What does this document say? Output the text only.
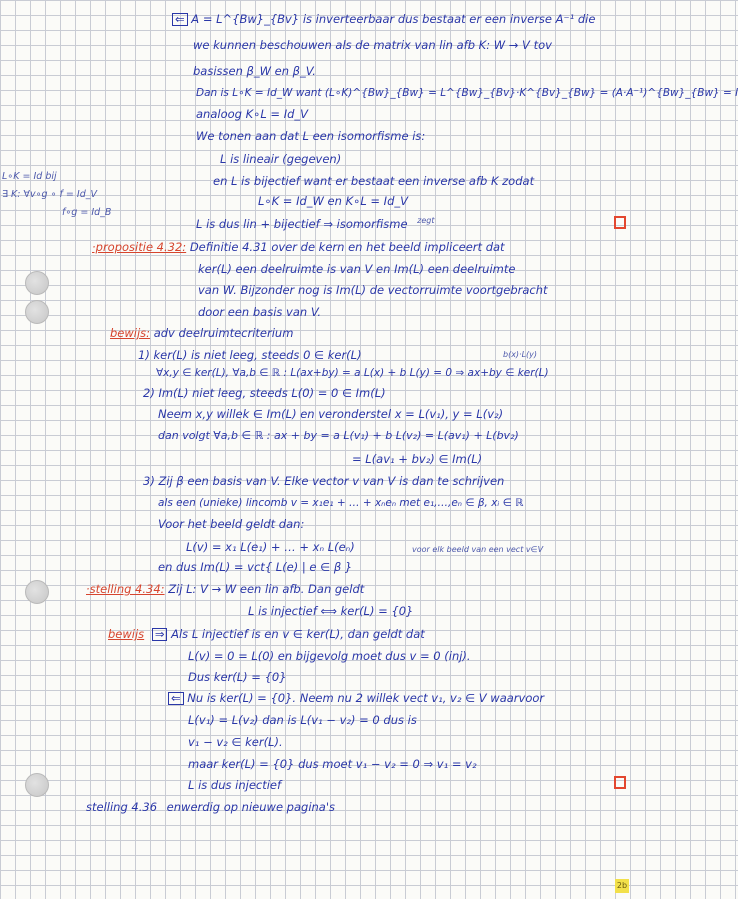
L∘K = Id bij
∃ K: ∀v∘g ∘ f = Id_V
f∘g = Id_B
⇐ A = L^{Bw}_{Bv} is inverteerbaar dus bestaat er een inverse A⁻¹ die
we kunnen beschouwen als de matrix van lin afb K: W → V tov
basissen β_W en β_V.
Dan is L∘K = Id_W want (L∘K)^{Bw}_{Bw} = L^{Bw}_{Bv}·K^{Bv}_{Bw} = (A·A⁻¹)^{Bw}_{Bw} = I
analoog K∘L = Id_V
We tonen aan dat L een isomorfisme is:
L is lineair (gegeven)
en L is bijectief want er bestaat een inverse afb K zodat
L∘K = Id_W en K∘L = Id_V
L is dus lin + bijectief ⇒ isomorfisme $^{zegt}$
·propositie 4.32: Definitie 4.31 over de kern en het beeld impliceert dat
ker(L) een deelruimte is van V en Im(L) een deelruimte
van W. Bijzonder nog is Im(L) de vectorruimte voortgebracht
door een basis van V.
bewijs: adv deelruimtecriterium
1) ker(L) is niet leeg, steeds 0 ∈ ker(L)	b(x)·L(y)
∀x,y ∈ ker(L), ∀a,b ∈ ℝ : L(ax+by) = a L(x) + b L(y) = 0 ⇒ ax+by ∈ ker(L)
2) Im(L) niet leeg, steeds L(0) = 0 ∈ Im(L)
Neem x,y willek ∈ Im(L) en veronderstel x = L(v₁), y = L(v₂)
dan volgt ∀a,b ∈ ℝ : ax + by = a L(v₁) + b L(v₂) = L(av₁) + L(bv₂)
= L(av₁ + bv₂) ∈ Im(L)
3) Zij β een basis van V. Elke vector v van V is dan te schrijven
als een (unieke) lincomb v = x₁e₁ + … + xₙeₙ met e₁,…,eₙ ∈ β, xᵢ ∈ ℝ
Voor het beeld geldt dan:
L(v) = x₁ L(e₁) + … + xₙ L(eₙ)	voor elk beeld van een vect v∈V
en dus Im(L) = vct{ L(e) | e ∈ β }
·stelling 4.34: Zij L: V → W een lin afb. Dan geldt
L is injectief ⟺ ker(L) = {0}
bewijs ⇒ Als L injectief is en v ∈ ker(L), dan geldt dat
L(v) = 0 = L(0) en bijgevolg moet dus v = 0 (inj).
Dus ker(L) = {0}
⇐ Nu is ker(L) = {0}. Neem nu 2 willek vect v₁, v₂ ∈ V waarvoor
L(v₁) = L(v₂) dan is L(v₁ − v₂) = 0 dus is
v₁ − v₂ ∈ ker(L).
maar ker(L) = {0} dus moet v₁ − v₂ = 0 ⇒ v₁ = v₂
L is dus injectief
stelling 4.36 enwerdig op nieuwe pagina's
2b
